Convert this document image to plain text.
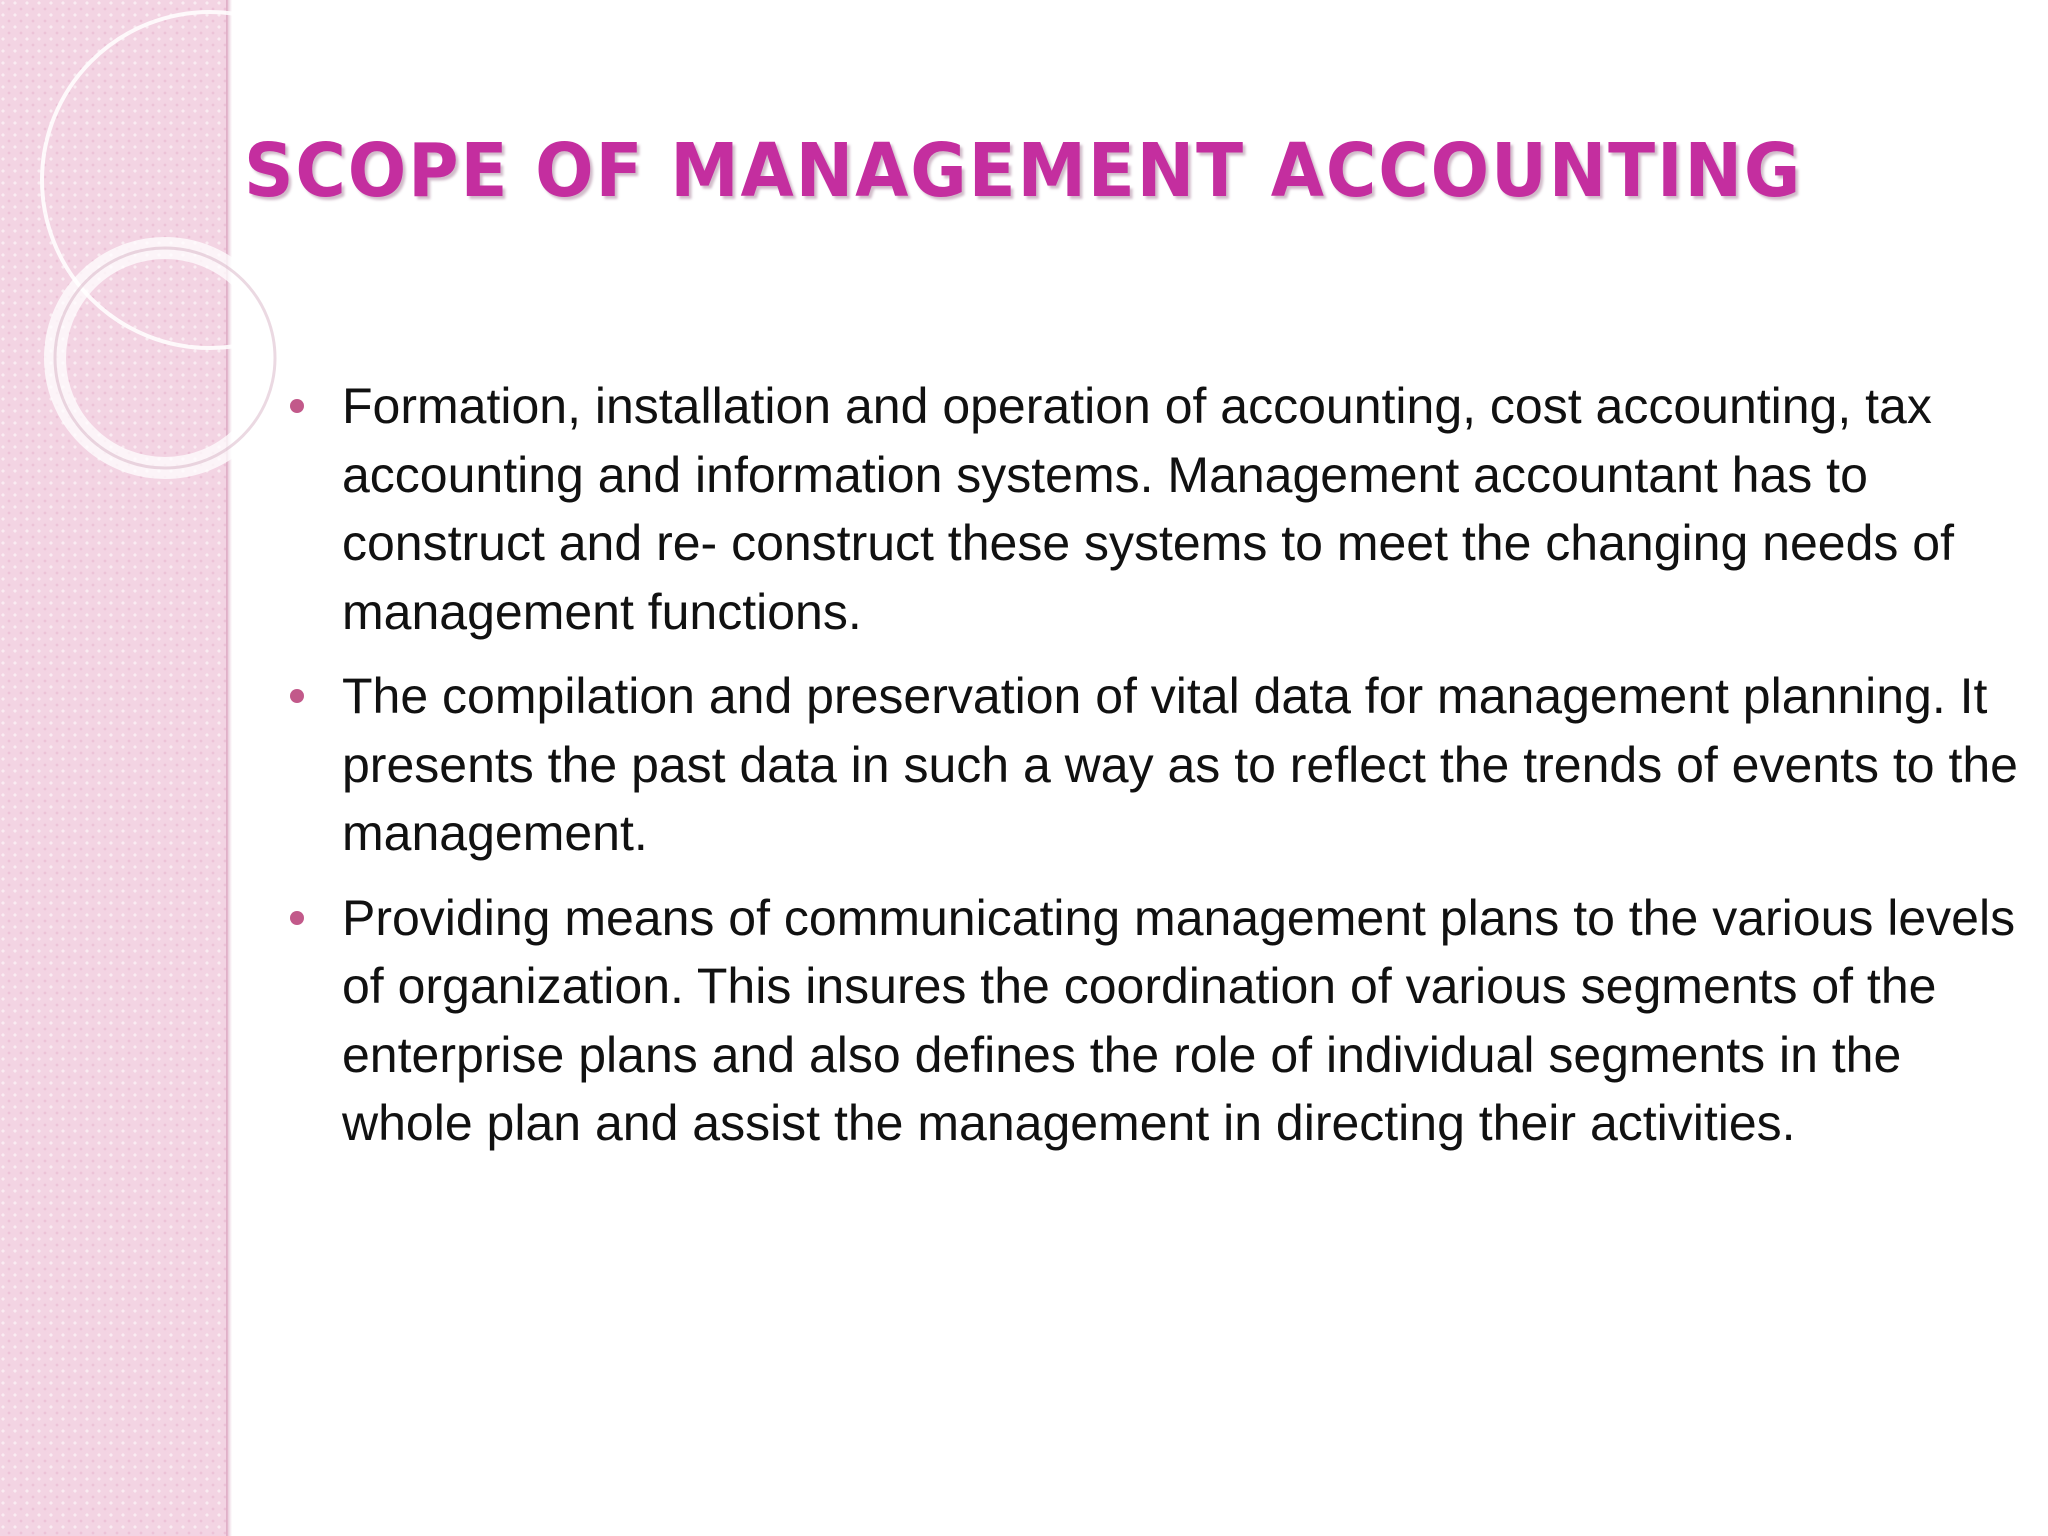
SCOPE OF MANAGEMENT ACCOUNTING
Formation, installation and operation of accounting, cost accounting, tax accounting and information systems. Management accountant has to construct and re- construct these systems to meet the changing needs of management functions.
The compilation and preservation of vital data for management planning. It presents the past data in such a way as to reflect the trends of events to the management.
Providing means of communicating management plans to the various levels of organization. This insures the coordination of various segments of the enterprise plans and also defines the role of individual segments in the whole plan and assist the management in directing their activities.
